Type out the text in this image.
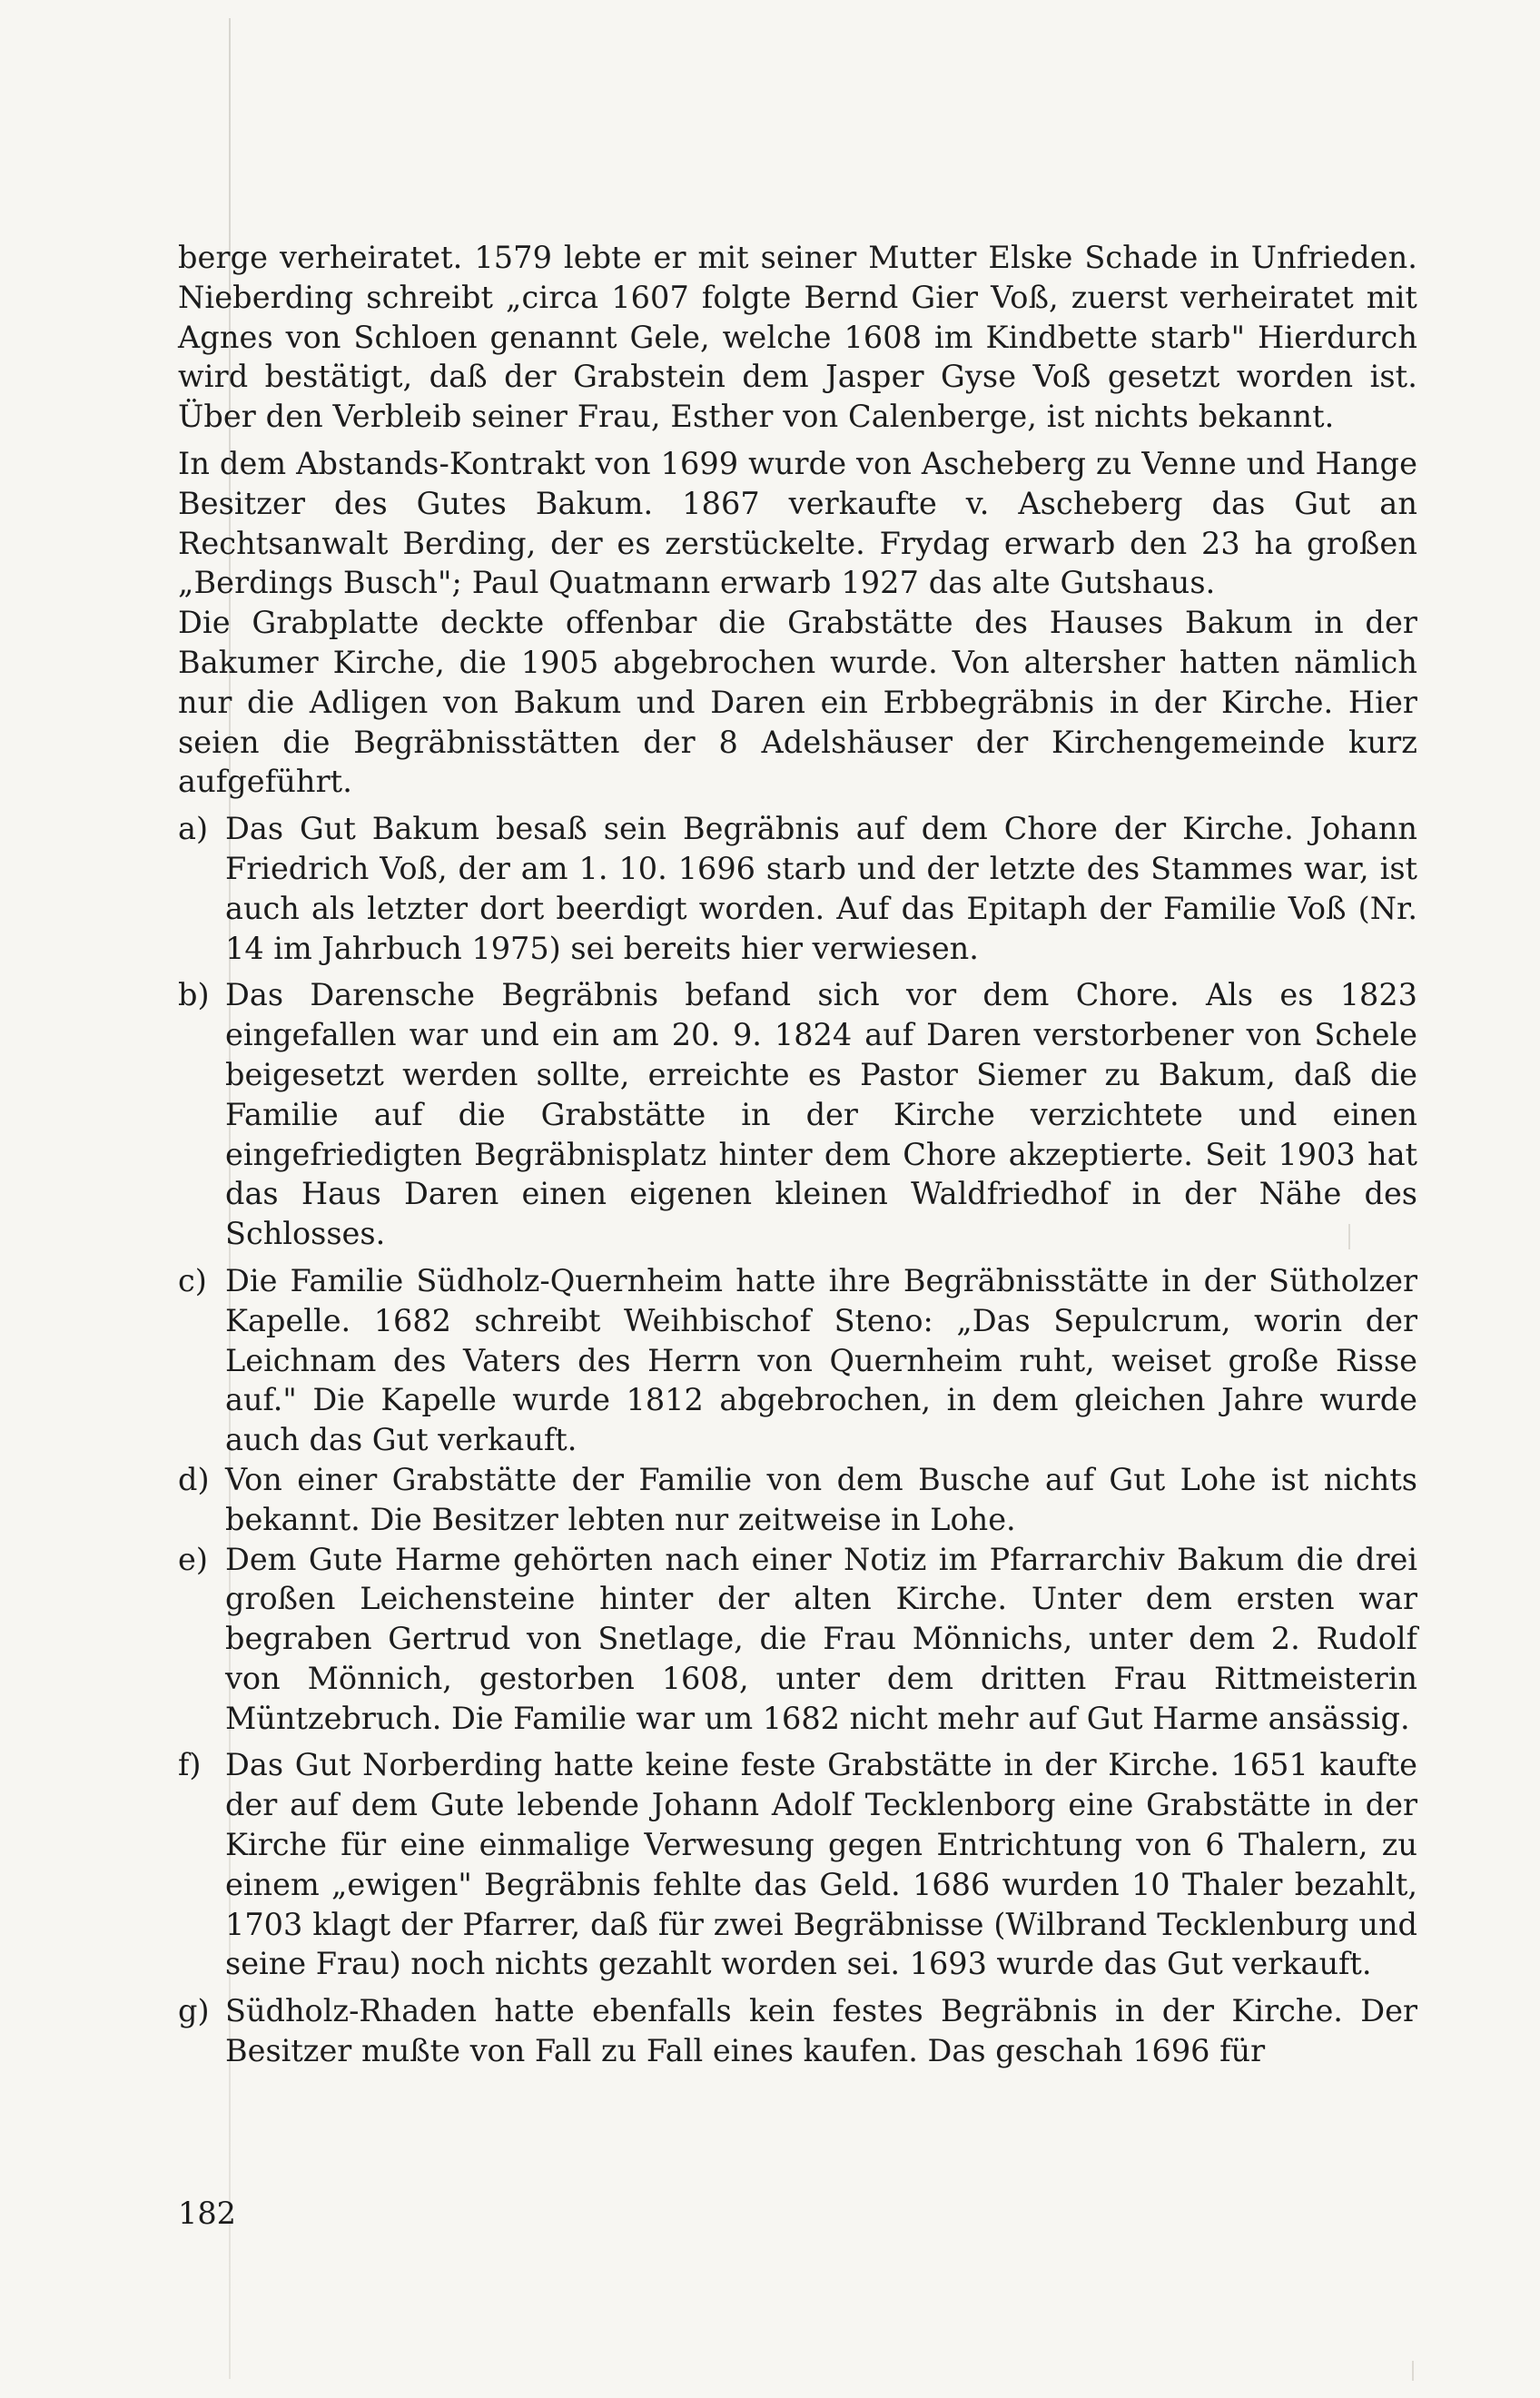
berge verheiratet. 1579 lebte er mit seiner Mutter Elske Schade in Unfrieden. Nieberding schreibt „circa 1607 folgte Bernd Gier Voß, zuerst verheiratet mit Agnes von Schloen genannt Gele, welche 1608 im Kindbette starb" Hierdurch wird bestätigt, daß der Grabstein dem Jasper Gyse Voß gesetzt worden ist. Über den Verbleib seiner Frau, Esther von Calenberge, ist nichts bekannt.

In dem Abstands-Kontrakt von 1699 wurde von Ascheberg zu Venne und Hange Besitzer des Gutes Bakum. 1867 verkaufte v. Ascheberg das Gut an Rechtsanwalt Berding, der es zerstückelte. Frydag erwarb den 23 ha großen „Berdings Busch"; Paul Quatmann erwarb 1927 das alte Gutshaus.

Die Grabplatte deckte offenbar die Grabstätte des Hauses Bakum in der Bakumer Kirche, die 1905 abgebrochen wurde. Von altersher hatten nämlich nur die Adligen von Bakum und Daren ein Erbbegräbnis in der Kirche. Hier seien die Begräbnisstätten der 8 Adelshäuser der Kirchengemeinde kurz aufgeführt.

a) Das Gut Bakum besaß sein Begräbnis auf dem Chore der Kirche. Johann Friedrich Voß, der am 1. 10. 1696 starb und der letzte des Stammes war, ist auch als letzter dort beerdigt worden. Auf das Epitaph der Familie Voß (Nr. 14 im Jahrbuch 1975) sei bereits hier verwiesen.

b) Das Darensche Begräbnis befand sich vor dem Chore. Als es 1823 eingefallen war und ein am 20. 9. 1824 auf Daren verstorbener von Schele beigesetzt werden sollte, erreichte es Pastor Siemer zu Bakum, daß die Familie auf die Grabstätte in der Kirche verzichtete und einen eingefriedigten Begräbnisplatz hinter dem Chore akzeptierte. Seit 1903 hat das Haus Daren einen eigenen kleinen Waldfriedhof in der Nähe des Schlosses.

c) Die Familie Südholz-Quernheim hatte ihre Begräbnisstätte in der Sütholzer Kapelle. 1682 schreibt Weihbischof Steno: „Das Sepulcrum, worin der Leichnam des Vaters des Herrn von Quernheim ruht, weiset große Risse auf." Die Kapelle wurde 1812 abgebrochen, in dem gleichen Jahre wurde auch das Gut verkauft.

d) Von einer Grabstätte der Familie von dem Busche auf Gut Lohe ist nichts bekannt. Die Besitzer lebten nur zeitweise in Lohe.

e) Dem Gute Harme gehörten nach einer Notiz im Pfarrarchiv Bakum die drei großen Leichensteine hinter der alten Kirche. Unter dem ersten war begraben Gertrud von Snetlage, die Frau Mönnichs, unter dem 2. Rudolf von Mönnich, gestorben 1608, unter dem dritten Frau Rittmeisterin Müntzebruch. Die Familie war um 1682 nicht mehr auf Gut Harme ansässig.

f) Das Gut Norberding hatte keine feste Grabstätte in der Kirche. 1651 kaufte der auf dem Gute lebende Johann Adolf Tecklenborg eine Grabstätte in der Kirche für eine einmalige Verwesung gegen Entrichtung von 6 Thalern, zu einem „ewigen" Begräbnis fehlte das Geld. 1686 wurden 10 Thaler bezahlt, 1703 klagt der Pfarrer, daß für zwei Begräbnisse (Wilbrand Tecklenburg und seine Frau) noch nichts gezahlt worden sei. 1693 wurde das Gut verkauft.

g) Südholz-Rhaden hatte ebenfalls kein festes Begräbnis in der Kirche. Der Besitzer mußte von Fall zu Fall eines kaufen. Das geschah 1696 für

182
